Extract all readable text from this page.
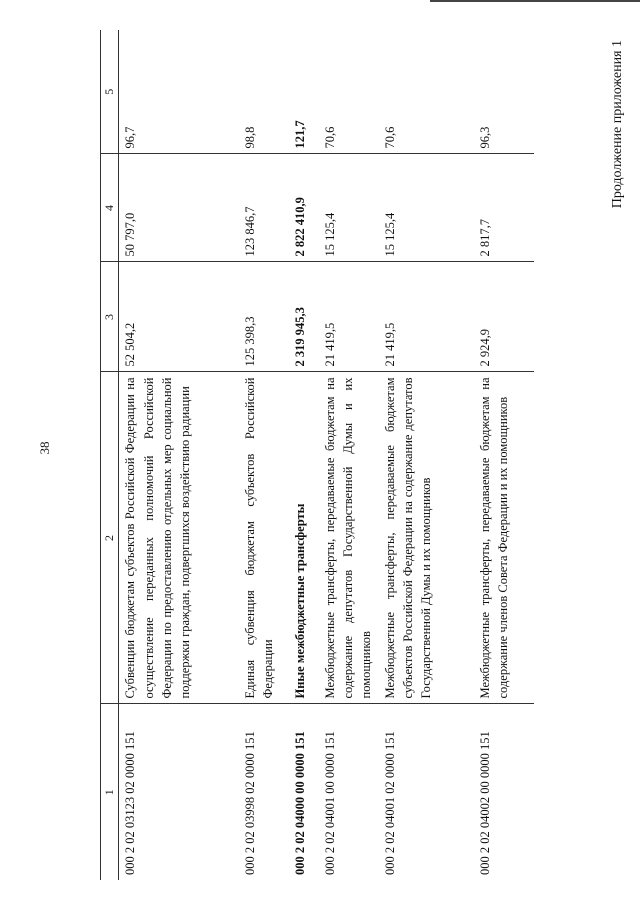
38
Продолжение приложения 1
1	2	3	4	5
000 2 02 03123 02 0000 151	Субвенции бюджетам субъектов Российской Федерации на осуществление переданных полномочий Российской Федерации по предоставлению отдельных мер социальной поддержки граждан, подвергшихся воздействию радиации	52 504,2	50 797,0	96,7
000 2 02 03998 02 0000 151	Единая субвенция бюджетам субъектов Российской Федерации	125 398,3	123 846,7	98,8
000 2 02 04000 00 0000 151	Иные межбюджетные трансферты	2 319 945,3	2 822 410,9	121,7
000 2 02 04001 00 0000 151	Межбюджетные трансферты, передаваемые бюджетам на содержание депутатов Государственной Думы и их помощников	21 419,5	15 125,4	70,6
000 2 02 04001 02 0000 151	Межбюджетные трансферты, передаваемые бюджетам субъектов Российской Федерации на содержание депутатов Государственной Думы и их помощников	21 419,5	15 125,4	70,6
000 2 02 04002 00 0000 151	Межбюджетные трансферты, передаваемые бюджетам на содержание членов Совета Федерации и их помощников	2 924,9	2 817,7	96,3
